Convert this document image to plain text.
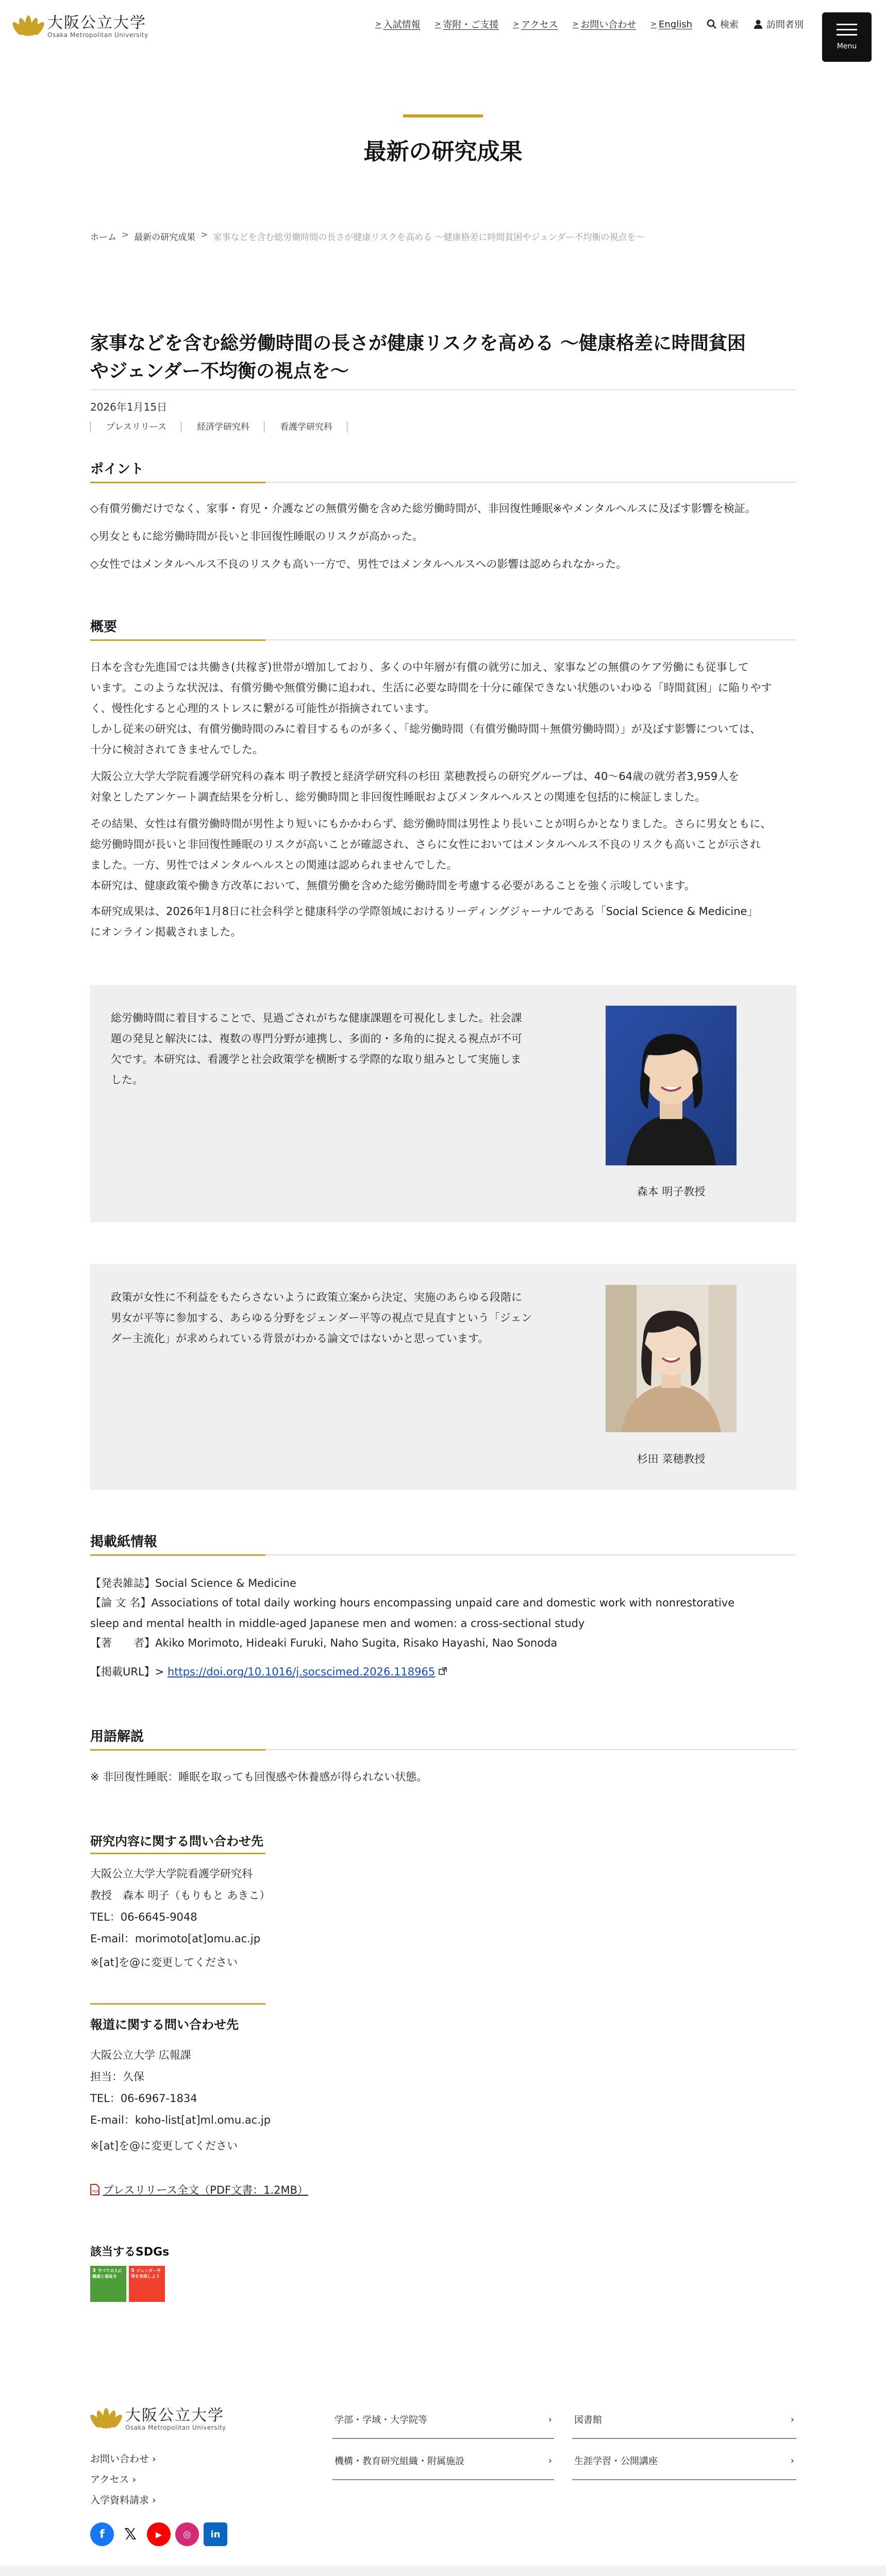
大阪公立大学
Osaka Metropolitan University
> 入試情報 > 寄附・ご支援 > アクセス > お問い合わせ > English	検索	訪問者別
Menu
最新の研究成果
ホーム > 最新の研究成果 > 家事などを含む総労働時間の長さが健康リスクを高める 〜健康格差に時間貧困やジェンダー不均衡の視点を〜
家事などを含む総労働時間の長さが健康リスクを高める 〜健康格差に時間貧困
やジェンダー不均衡の視点を〜
2026年1月15日
プレスリリース	経済学研究科	看護学研究科
ポイント
◇有償労働だけでなく、家事・育児・介護などの無償労働を含めた総労働時間が、非回復性睡眠※やメンタルヘルスに及ぼす影響を検証。
◇男女ともに総労働時間が長いと非回復性睡眠のリスクが高かった。
◇女性ではメンタルヘルス不良のリスクも高い一方で、男性ではメンタルヘルスへの影響は認められなかった。
概要
日本を含む先進国では共働き(共稼ぎ)世帯が増加しており、多くの中年層が有償の就労に加え、家事などの無償のケア労働にも従事して
います。このような状況は、有償労働や無償労働に追われ、生活に必要な時間を十分に確保できない状態のいわゆる「時間貧困」に陥りやす
く、慢性化すると心理的ストレスに繋がる可能性が指摘されています。
しかし従来の研究は、有償労働時間のみに着目するものが多く、「総労働時間（有償労働時間＋無償労働時間）」が及ぼす影響については、
十分に検討されてきませんでした。
大阪公立大学大学院看護学研究科の森本 明子教授と経済学研究科の杉田 菜穂教授らの研究グループは、40～64歳の就労者3,959人を
対象としたアンケート調査結果を分析し、総労働時間と非回復性睡眠およびメンタルヘルスとの関連を包括的に検証しました。
その結果、女性は有償労働時間が男性より短いにもかかわらず、総労働時間は男性より長いことが明らかとなりました。さらに男女ともに、
総労働時間が長いと非回復性睡眠のリスクが高いことが確認され、さらに女性においてはメンタルヘルス不良のリスクも高いことが示され
ました。一方、男性ではメンタルヘルスとの関連は認められませんでした。
本研究は、健康政策や働き方改革において、無償労働を含めた総労働時間を考慮する必要があることを強く示唆しています。
本研究成果は、2026年1月8日に社会科学と健康科学の学際領域におけるリーディングジャーナルである「Social Science & Medicine」
にオンライン掲載されました。
総労働時間に着目することで、見過ごされがちな健康課題を可視化しました。社会課
題の発見と解決には、複数の専門分野が連携し、多面的・多角的に捉える視点が不可
欠です。本研究は、看護学と社会政策学を横断する学際的な取り組みとして実施しま
した。
森本 明子教授
政策が女性に不利益をもたらさないように政策立案から決定、実施のあらゆる段階に
男女が平等に参加する、あらゆる分野をジェンダー平等の視点で見直すという「ジェン
ダー主流化」が求められている背景がわかる論文ではないかと思っています。
杉田 菜穂教授
掲載紙情報
【発表雑誌】Social Science & Medicine
【論 文 名】Associations of total daily working hours encompassing unpaid care and domestic work with nonrestorative
sleep and mental health in middle-aged Japanese men and women: a cross-sectional study
【著　　者】Akiko Morimoto, Hideaki Furuki, Naho Sugita, Risako Hayashi, Nao Sonoda
【掲載URL】> https://doi.org/10.1016/j.socscimed.2026.118965
用語解説
※ 非回復性睡眠：睡眠を取っても回復感や休養感が得られない状態。
研究内容に関する問い合わせ先
大阪公立大学大学院看護学研究科
教授　森本 明子（もりもと あきこ）
TEL：06-6645-9048
E-mail：morimoto[at]omu.ac.jp
※[at]を@に変更してください
報道に関する問い合わせ先
大阪公立大学 広報課
担当：久保
TEL：06-6967-1834
E-mail：koho-list[at]ml.omu.ac.jp
※[at]を@に変更してください
PDF プレスリリース全文（PDF文書：1.2MB）
該当するSDGs
3 すべての人に健康と福祉を
5 ジェンダー平等を実現しよう
大阪公立大学
Osaka Metropolitan University
お問い合わせ ›
アクセス ›
入学資料請求 ›
学部・学域・大学院等	› 図書館	›
機構・教育研究組織・附属施設	› 生涯学習・公開講座	›
f	𝕏	▶	◎	in
